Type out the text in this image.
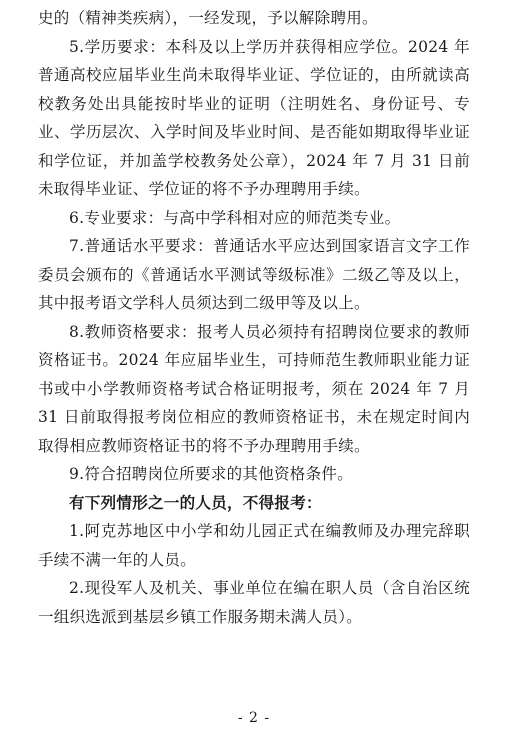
史的（精神类疾病），一经发现，予以解除聘用。

5.学历要求：本科及以上学历并获得相应学位。2024 年普通高校应届毕业生尚未取得毕业证、学位证的，由所就读高校教务处出具能按时毕业的证明（注明姓名、身份证号、专业、学历层次、入学时间及毕业时间、是否能如期取得毕业证和学位证，并加盖学校教务处公章），2024 年 7 月 31 日前未取得毕业证、学位证的将不予办理聘用手续。

6.专业要求：与高中学科相对应的师范类专业。

7.普通话水平要求：普通话水平应达到国家语言文字工作委员会颁布的《普通话水平测试等级标准》二级乙等及以上，其中报考语文学科人员须达到二级甲等及以上。

8.教师资格要求：报考人员必须持有招聘岗位要求的教师资格证书。2024 年应届毕业生，可持师范生教师职业能力证书或中小学教师资格考试合格证明报考，须在 2024 年 7 月 31 日前取得报考岗位相应的教师资格证书，未在规定时间内取得相应教师资格证书的将不予办理聘用手续。

9.符合招聘岗位所要求的其他资格条件。

有下列情形之一的人员，不得报考：

1.阿克苏地区中小学和幼儿园正式在编教师及办理完辞职手续不满一年的人员。

2.现役军人及机关、事业单位在编在职人员（含自治区统一组织选派到基层乡镇工作服务期未满人员）。

- 2 -
